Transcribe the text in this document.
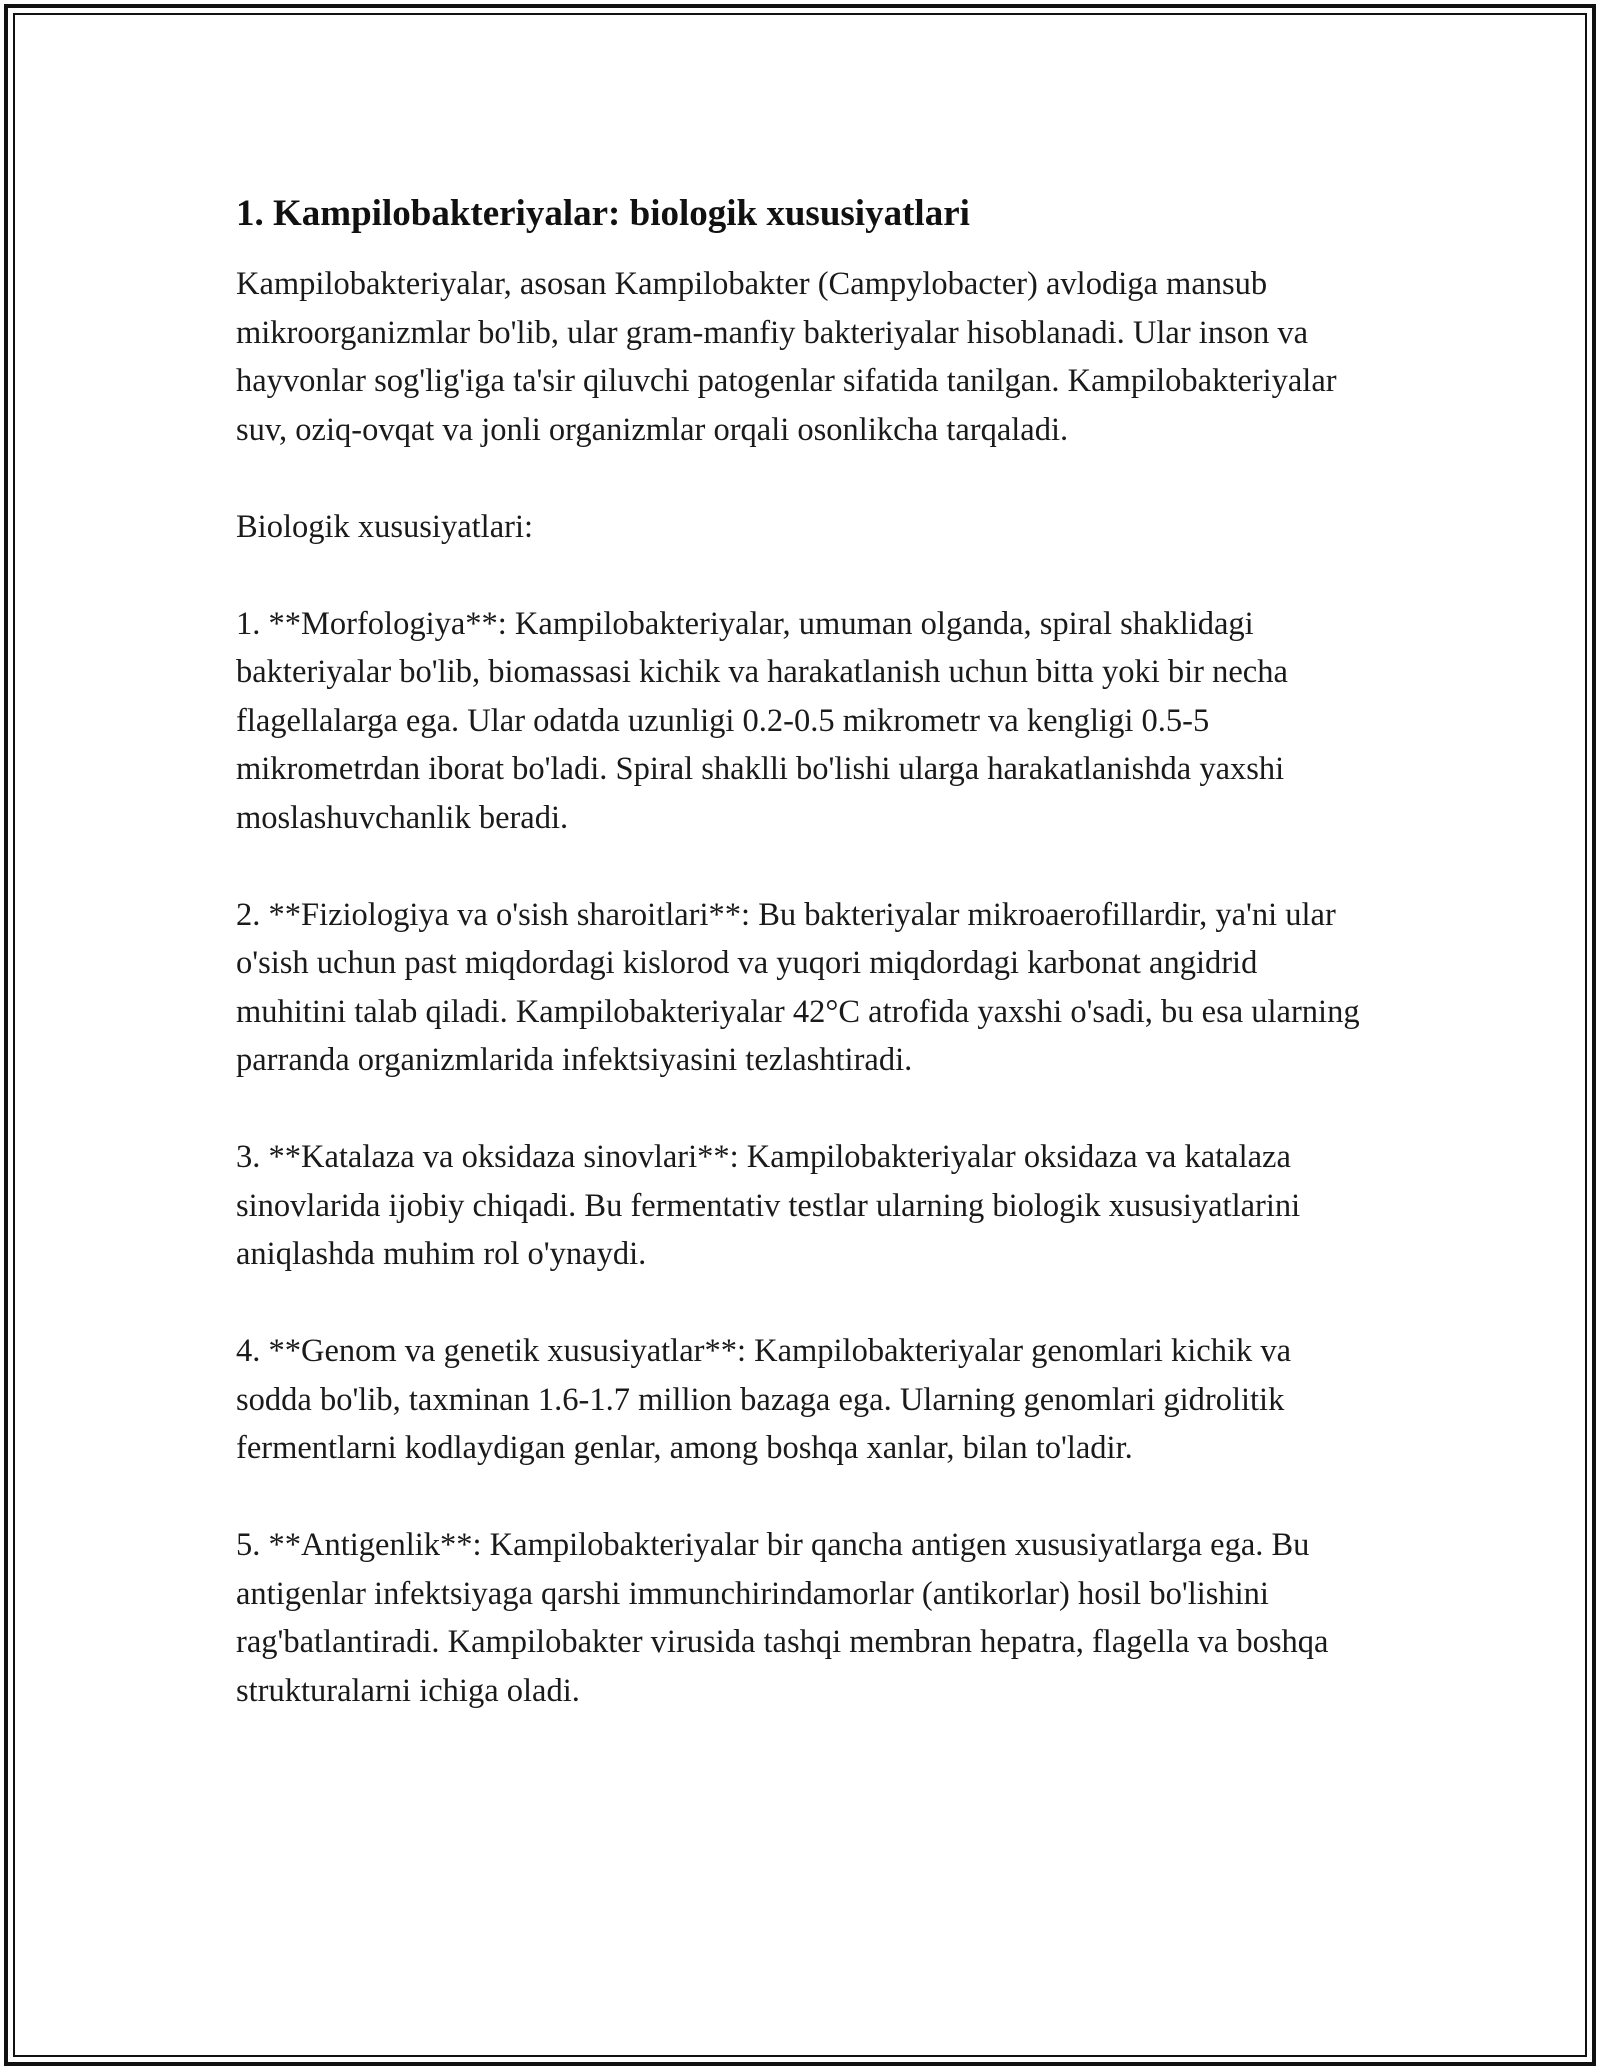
1. Kampilobakteriyalar: biologik xususiyatlari

Kampilobakteriyalar, asosan Kampilobakter (Campylobacter) avlodiga mansub mikroorganizmlar bo'lib, ular gram-manfiy bakteriyalar hisoblanadi. Ular inson va hayvonlar sog'lig'iga ta'sir qiluvchi patogenlar sifatida tanilgan. Kampilobakteriyalar suv, oziq-ovqat va jonli organizmlar orqali osonlikcha tarqaladi.

Biologik xususiyatlari:

1. **Morfologiya**: Kampilobakteriyalar, umuman olganda, spiral shaklidagi bakteriyalar bo'lib, biomassasi kichik va harakatlanish uchun bitta yoki bir necha flagellalarga ega. Ular odatda uzunligi 0.2-0.5 mikrometr va kengligi 0.5-5 mikrometrdan iborat bo'ladi. Spiral shaklli bo'lishi ularga harakatlanishda yaxshi moslashuvchanlik beradi.

2. **Fiziologiya va o'sish sharoitlari**: Bu bakteriyalar mikroaerofillardir, ya'ni ular o'sish uchun past miqdordagi kislorod va yuqori miqdordagi karbonat angidrid muhitini talab qiladi. Kampilobakteriyalar 42°C atrofida yaxshi o'sadi, bu esa ularning parranda organizmlarida infektsiyasini tezlashtiradi.

3. **Katalaza va oksidaza sinovlari**: Kampilobakteriyalar oksidaza va katalaza sinovlarida ijobiy chiqadi. Bu fermentativ testlar ularning biologik xususiyatlarini aniqlashda muhim rol o'ynaydi.

4. **Genom va genetik xususiyatlar**: Kampilobakteriyalar genomlari kichik va sodda bo'lib, taxminan 1.6-1.7 million bazaga ega. Ularning genomlari gidrolitik fermentlarni kodlaydigan genlar, among boshqa xanlar, bilan to'ladir.

5. **Antigenlik**: Kampilobakteriyalar bir qancha antigen xususiyatlarga ega. Bu antigenlar infektsiyaga qarshi immunchirindamorlar (antikorlar) hosil bo'lishini rag'batlantiradi. Kampilobakter virusida tashqi membran hepatra, flagella va boshqa strukturalarni ichiga oladi.
